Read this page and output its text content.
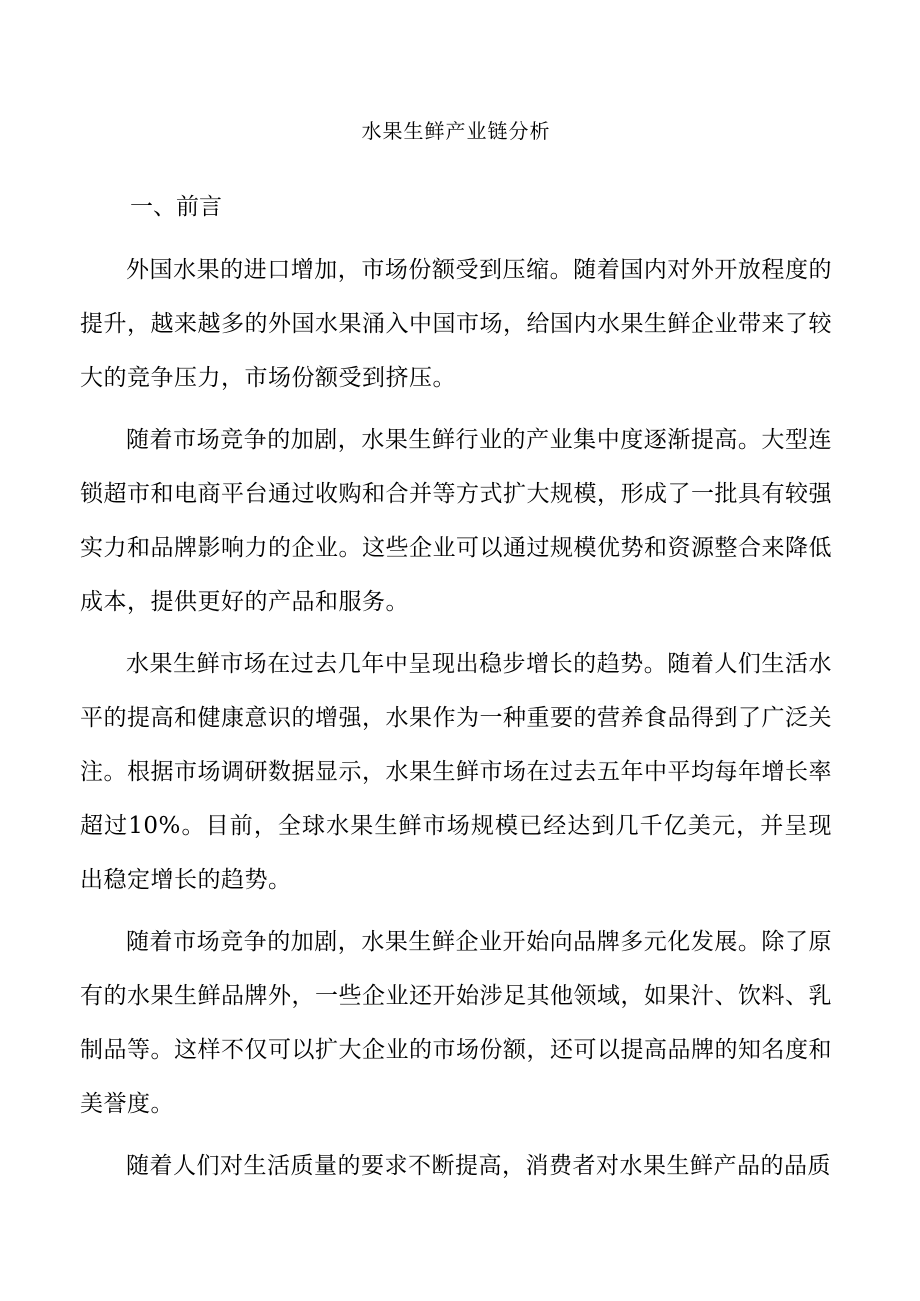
水果生鲜产业链分析
一、前言

外国水果的进口增加，市场份额受到压缩。随着国内对外开放程度的提升，越来越多的外国水果涌入中国市场，给国内水果生鲜企业带来了较大的竞争压力，市场份额受到挤压。

随着市场竞争的加剧，水果生鲜行业的产业集中度逐渐提高。大型连锁超市和电商平台通过收购和合并等方式扩大规模，形成了一批具有较强实力和品牌影响力的企业。这些企业可以通过规模优势和资源整合来降低成本，提供更好的产品和服务。

水果生鲜市场在过去几年中呈现出稳步增长的趋势。随着人们生活水平的提高和健康意识的增强，水果作为一种重要的营养食品得到了广泛关注。根据市场调研数据显示，水果生鲜市场在过去五年中平均每年增长率超过10%。目前，全球水果生鲜市场规模已经达到几千亿美元，并呈现出稳定增长的趋势。

随着市场竞争的加剧，水果生鲜企业开始向品牌多元化发展。除了原有的水果生鲜品牌外，一些企业还开始涉足其他领域，如果汁、饮料、乳制品等。这样不仅可以扩大企业的市场份额，还可以提高品牌的知名度和美誉度。

随着人们对生活质量的要求不断提高，消费者对水果生鲜产品的品质
